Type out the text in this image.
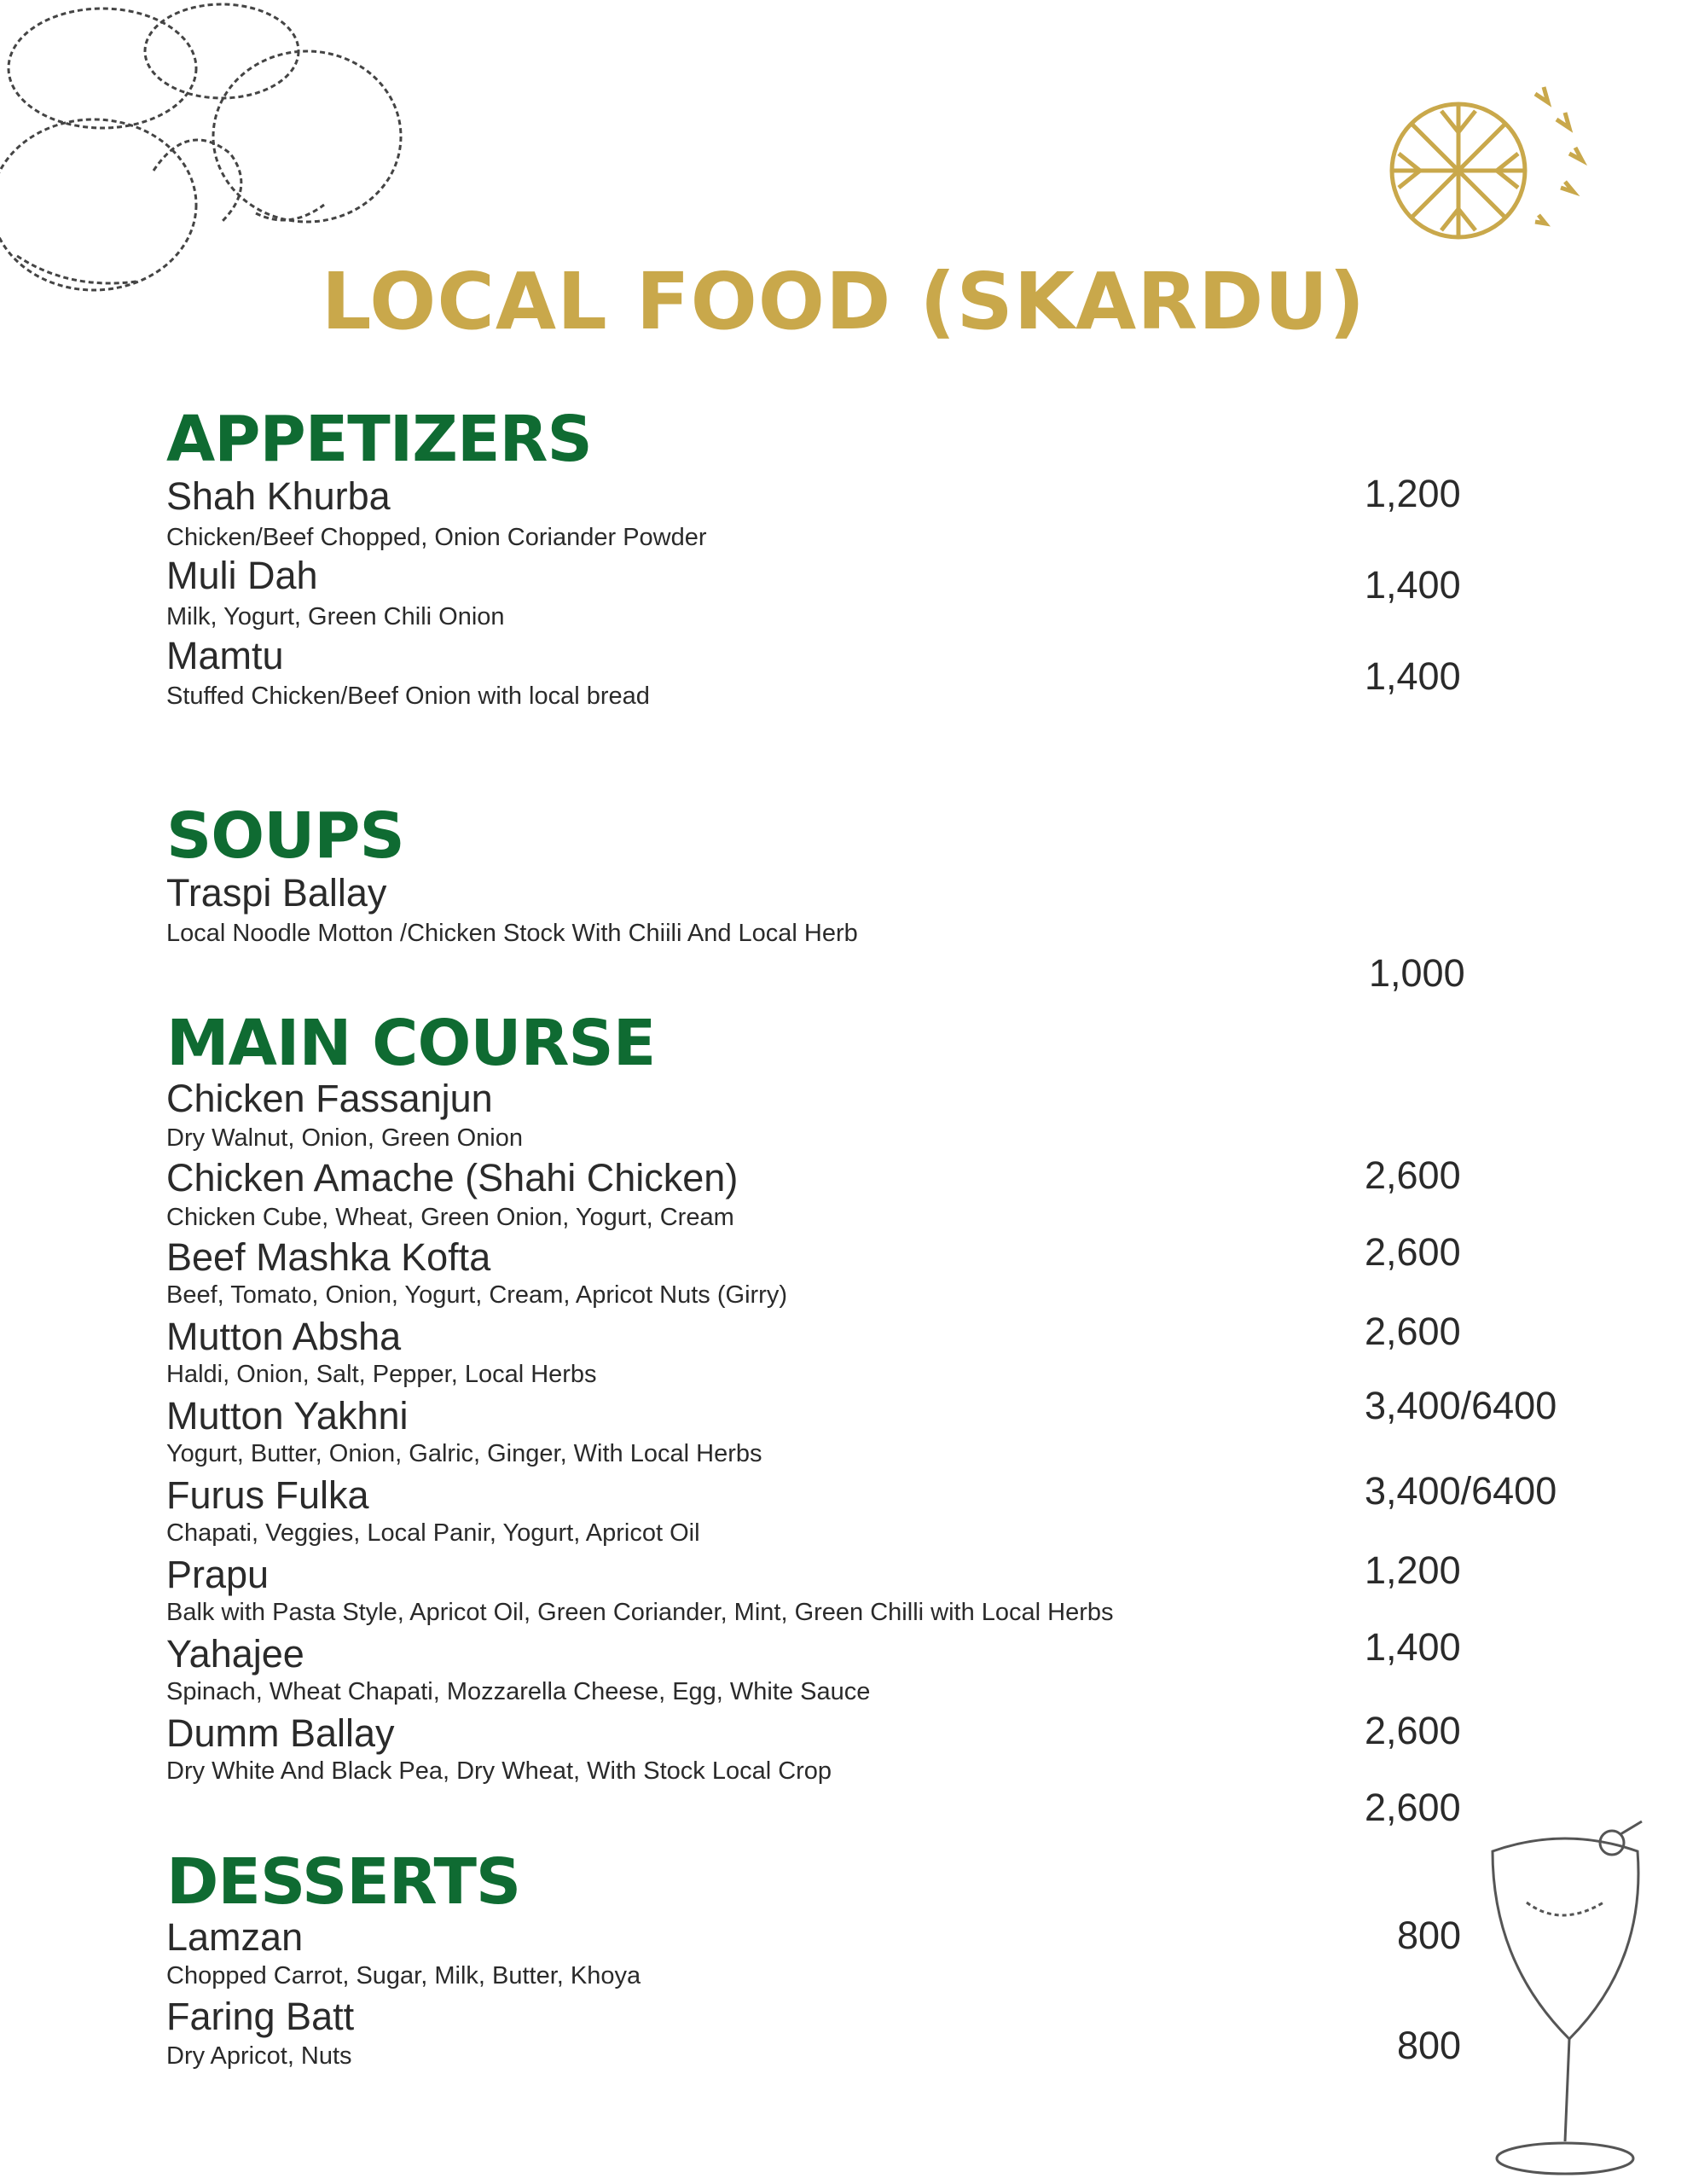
LOCAL FOOD (SKARDU)
APPETIZERS
Shah Khurba
Chicken/Beef Chopped, Onion Coriander Powder
1,200
Muli Dah
Milk, Yogurt, Green Chili Onion
1,400
Mamtu
Stuffed Chicken/Beef Onion with local bread	1,400
SOUPS
Traspi Ballay
Local Noodle Motton /Chicken Stock With Chiili And Local Herb
1,000
MAIN COURSE
Chicken Fassanjun
Dry Walnut, Onion, Green Onion
2,600
Chicken Amache (Shahi Chicken)
Chicken Cube, Wheat, Green Onion, Yogurt, Cream
2,600
Beef Mashka Kofta
Beef, Tomato, Onion, Yogurt, Cream, Apricot Nuts (Girry)
2,600
Mutton Absha
Haldi, Onion, Salt, Pepper, Local Herbs
3,400/6400
Mutton Yakhni
Yogurt, Butter, Onion, Galric, Ginger, With Local Herbs
3,400/6400
Furus Fulka
Chapati, Veggies, Local Panir, Yogurt, Apricot Oil
1,200
Prapu
Balk with Pasta Style, Apricot Oil, Green Coriander, Mint, Green Chilli with Local Herbs
1,400
Yahajee
Spinach, Wheat Chapati, Mozzarella Cheese, Egg, White Sauce
2,600
Dumm Ballay
Dry White And Black Pea, Dry Wheat, With Stock Local Crop
2,600
DESSERTS
Lamzan
Chopped Carrot, Sugar, Milk, Butter, Khoya
800
Faring Batt
Dry Apricot, Nuts	800
